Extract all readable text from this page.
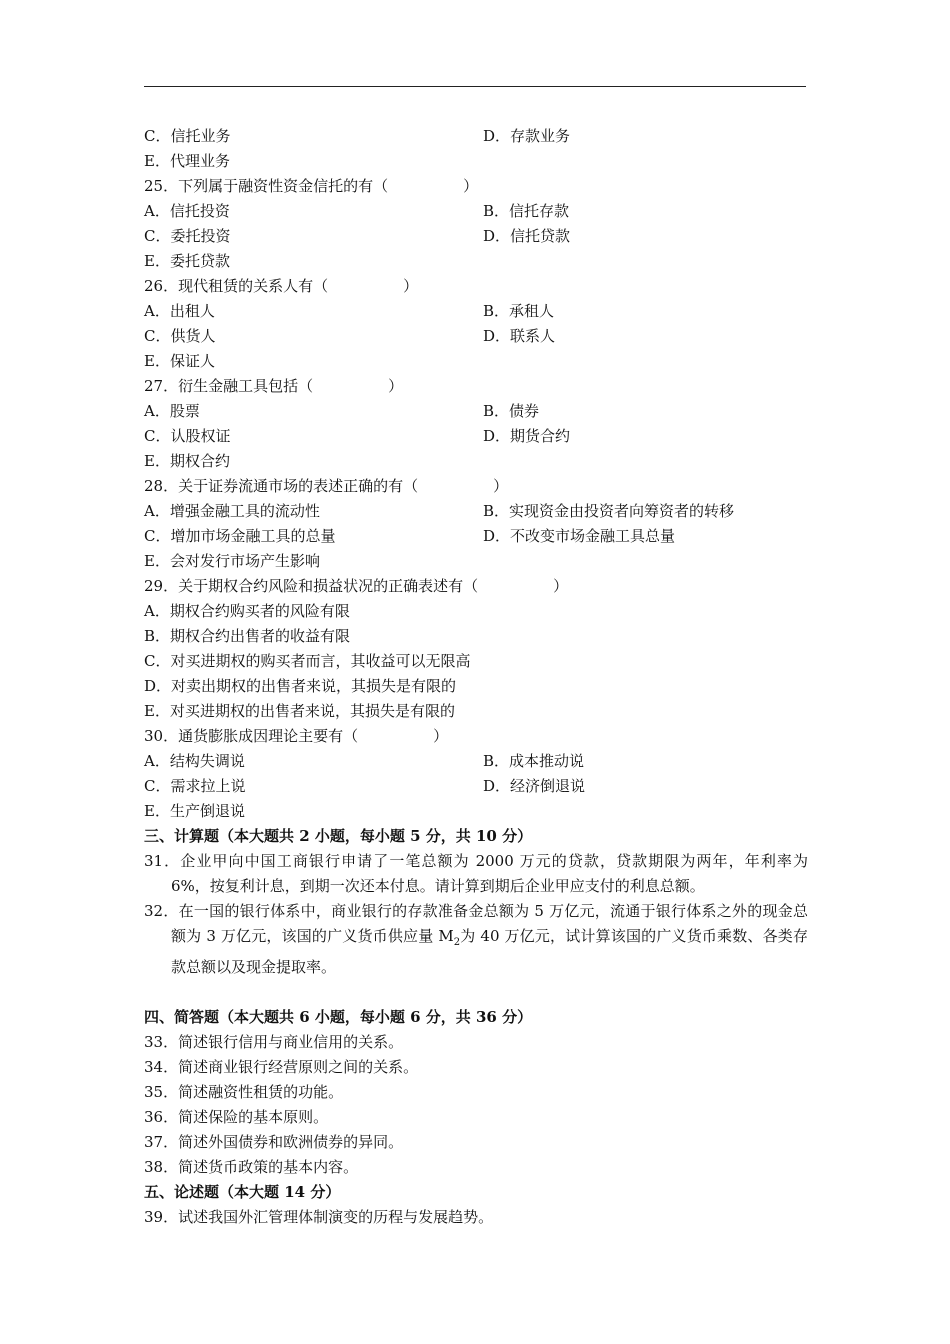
C．信托业务	D．存款业务
E．代理业务
25．下列属于融资性资金信托的有（　　　　　）
A．信托投资	B．信托存款
C．委托投资	D．信托贷款
E．委托贷款
26．现代租赁的关系人有（　　　　　）
A．出租人	B．承租人
C．供货人	D．联系人
E．保证人
27．衍生金融工具包括（　　　　　）
A．股票	B．债券
C．认股权证	D．期货合约
E．期权合约
28．关于证券流通市场的表述正确的有（　　　　　）
A．增强金融工具的流动性	B．实现资金由投资者向筹资者的转移
C．增加市场金融工具的总量	D．不改变市场金融工具总量
E．会对发行市场产生影响
29．关于期权合约风险和损益状况的正确表述有（　　　　　）
A．期权合约购买者的风险有限
B．期权合约出售者的收益有限
C．对买进期权的购买者而言，其收益可以无限高
D．对卖出期权的出售者来说，其损失是有限的
E．对买进期权的出售者来说，其损失是有限的
30．通货膨胀成因理论主要有（　　　　　）
A．结构失调说	B．成本推动说
C．需求拉上说	D．经济倒退说
E．生产倒退说
三、计算题（本大题共 2 小题，每小题 5 分，共 10 分）
31．企业甲向中国工商银行申请了一笔总额为 2000 万元的贷款，贷款期限为两年，年利率为 6%，按复利计息，到期一次还本付息。请计算到期后企业甲应支付的利息总额。
32．在一国的银行体系中，商业银行的存款准备金总额为 5 万亿元，流通于银行体系之外的现金总额为 3 万亿元，该国的广义货币供应量 $M_2$为 40 万亿元，试计算该国的广义货币乘数、各类存款总额以及现金提取率。
四、简答题（本大题共 6 小题，每小题 6 分，共 36 分）
33．简述银行信用与商业信用的关系。
34．简述商业银行经营原则之间的关系。
35．简述融资性租赁的功能。
36．简述保险的基本原则。
37．简述外国债券和欧洲债券的异同。
38．简述货币政策的基本内容。
五、论述题（本大题 14 分）
39．试述我国外汇管理体制演变的历程与发展趋势。
